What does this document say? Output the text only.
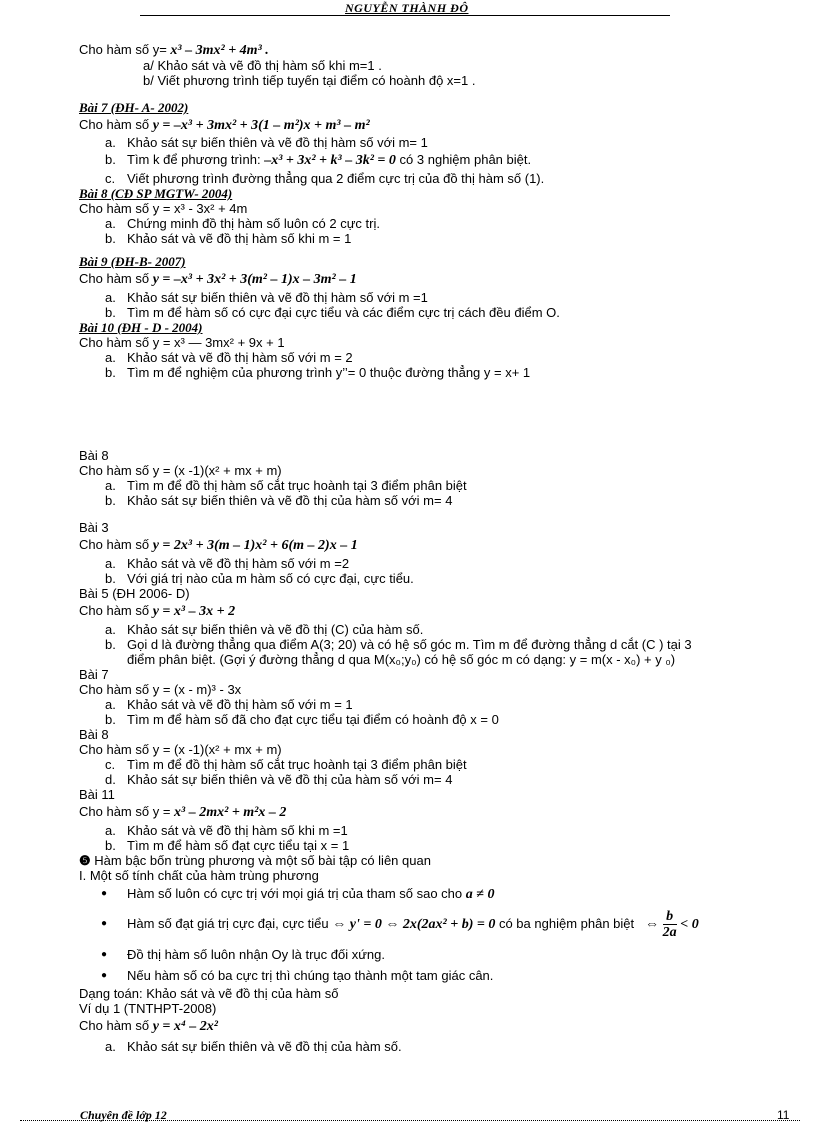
NGUYỄN THÀNH ĐÔ
Cho hàm số y= x³ – 3mx² + 4m³ .
a/ Khảo sát và vẽ đồ thị hàm số khi m=1 .
b/ Viết phương trình tiếp tuyến tại điểm có hoành độ x=1 .
Bài 7 (ĐH- A- 2002)
Cho hàm số y = –x³ + 3mx² + 3(1 – m²)x + m³ – m²
a. Khảo sát sự biến thiên và vẽ đồ thị hàm số với m= 1
b. Tìm k để phương trình: –x³ + 3x² + k³ – 3k² = 0 có 3 nghiệm phân biệt.
c. Viết phương trình đường thẳng qua 2 điểm cực trị của đồ thị hàm số (1).
Bài 8 (CĐ SP MGTW- 2004)
Cho hàm số y = x³ - 3x² + 4m
a. Chứng minh đồ thị hàm số luôn có 2 cực trị.
b. Khảo sát và vẽ đồ thị hàm số khi m = 1
Bài 9 (ĐH-B- 2007)
Cho hàm số y = –x³ + 3x² + 3(m² – 1)x – 3m² – 1
a. Khảo sát sự biến thiên và vẽ đồ thị hàm số với m =1
b. Tìm m để hàm số có cực đại cực tiểu và các điểm cực trị cách đều điểm O.
Bài 10 (ĐH - D - 2004)
Cho hàm số y = x³ — 3mx² + 9x + 1
a. Khảo sát và vẽ đồ thị hàm số với m = 2
b. Tìm m để nghiệm của phương trình y’’= 0 thuộc đường thẳng y = x+ 1
Bài 8
Cho hàm số y = (x -1)(x² + mx + m)
a. Tìm m để đồ thị hàm số cắt trục hoành tại 3 điểm phân biệt
b. Khảo sát sự biến thiên và vẽ đồ thị của hàm số với m= 4
Bài 3
Cho hàm số y = 2x³ + 3(m – 1)x² + 6(m – 2)x – 1
a. Khảo sát và vẽ đồ thị hàm số với m =2
b. Với giá trị nào của m hàm số có cực đại, cực tiểu.
Bài 5 (ĐH 2006- D)
Cho hàm số y = x³ – 3x + 2
a. Khảo sát sự biến thiên và vẽ đồ thị (C) của hàm số.
b. Gọi d là đường thẳng qua điểm A(3; 20) và có hệ số góc m. Tìm m để đường thẳng d cắt (C ) tại 3
điểm phân biệt. (Gợi ý đường thẳng d qua M(x₀;y₀) có hệ số góc m có dạng: y = m(x - x₀) + y ₀)
Bài 7
Cho hàm số y = (x - m)³ - 3x
a. Khảo sát và vẽ đồ thị hàm số với m = 1
b. Tìm m để hàm số đã cho đạt cực tiểu tại điểm có hoành độ x = 0
Bài 8
Cho hàm số y = (x -1)(x² + mx + m)
c. Tìm m để đồ thị hàm số cắt trục hoành tại 3 điểm phân biệt
d. Khảo sát sự biến thiên và vẽ đồ thị của hàm số với m= 4
Bài 11
Cho hàm số y = x³ – 2mx² + m²x – 2
a. Khảo sát và vẽ đồ thị hàm số khi m =1
b. Tìm m để hàm số đạt cực tiểu tại x = 1
❺ Hàm bậc bốn trùng phương và một số bài tập có liên quan
I. Một số tính chất của hàm trùng phương
● Hàm số luôn có cực trị với mọi giá trị của tham số sao cho a ≠ 0
● Hàm số đạt giá trị cực đại, cực tiểu ⇔ y' = 0 ⇔ 2x(2ax² + b) = 0 có ba nghiệm phân biệt ⇔ $\frac{b}{2a} < 0$
● Đồ thị hàm số luôn nhận Oy là trục đối xứng.
● Nếu hàm số có ba cực trị thì chúng tạo thành một tam giác cân.
Dạng toán: Khảo sát và vẽ đồ thị của hàm số
Ví dụ 1 (TNTHPT-2008)
Cho hàm số y = x⁴ – 2x²
a. Khảo sát sự biến thiên và vẽ đồ thị của hàm số.
Chuyên đề lớp 12	11
